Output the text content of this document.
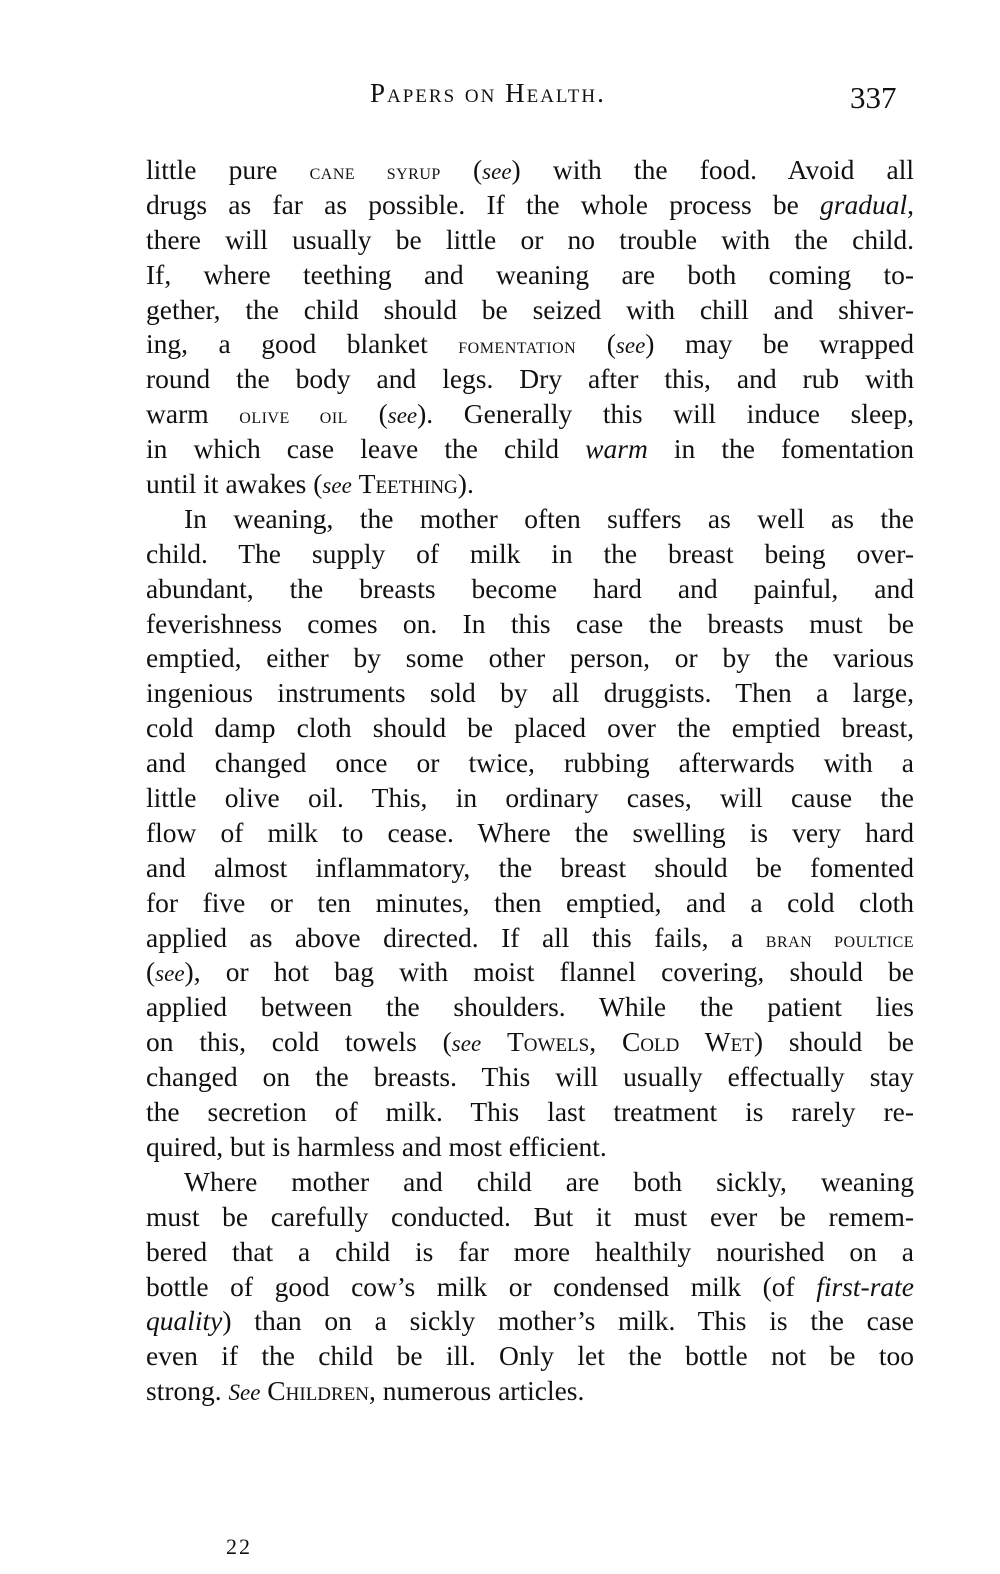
Papers on Health.	337
little pure cane syrup (see) with the food. Avoid all
drugs as far as possible. If the whole process be gradual,
there will usually be little or no trouble with the child.
If, where teething and weaning are both coming to-
gether, the child should be seized with chill and shiver-
ing, a good blanket fomentation (see) may be wrapped
round the body and legs. Dry after this, and rub with
warm olive oil (see). Generally this will induce sleep,
in which case leave the child warm in the fomentation
until it awakes (see Teething).
In weaning, the mother often suffers as well as the
child. The supply of milk in the breast being over-
abundant, the breasts become hard and painful, and
feverishness comes on. In this case the breasts must be
emptied, either by some other person, or by the various
ingenious instruments sold by all druggists. Then a large,
cold damp cloth should be placed over the emptied breast,
and changed once or twice, rubbing afterwards with a
little olive oil. This, in ordinary cases, will cause the
flow of milk to cease. Where the swelling is very hard
and almost inflammatory, the breast should be fomented
for five or ten minutes, then emptied, and a cold cloth
applied as above directed. If all this fails, a bran poultice
(see), or hot bag with moist flannel covering, should be
applied between the shoulders. While the patient lies
on this, cold towels (see Towels, Cold Wet) should be
changed on the breasts. This will usually effectually stay
the secretion of milk. This last treatment is rarely re-
quired, but is harmless and most efficient.
Where mother and child are both sickly, weaning
must be carefully conducted. But it must ever be remem-
bered that a child is far more healthily nourished on a
bottle of good cow’s milk or condensed milk (of first-rate
quality) than on a sickly mother’s milk. This is the case
even if the child be ill. Only let the bottle not be too
strong. See Children, numerous articles.
22
